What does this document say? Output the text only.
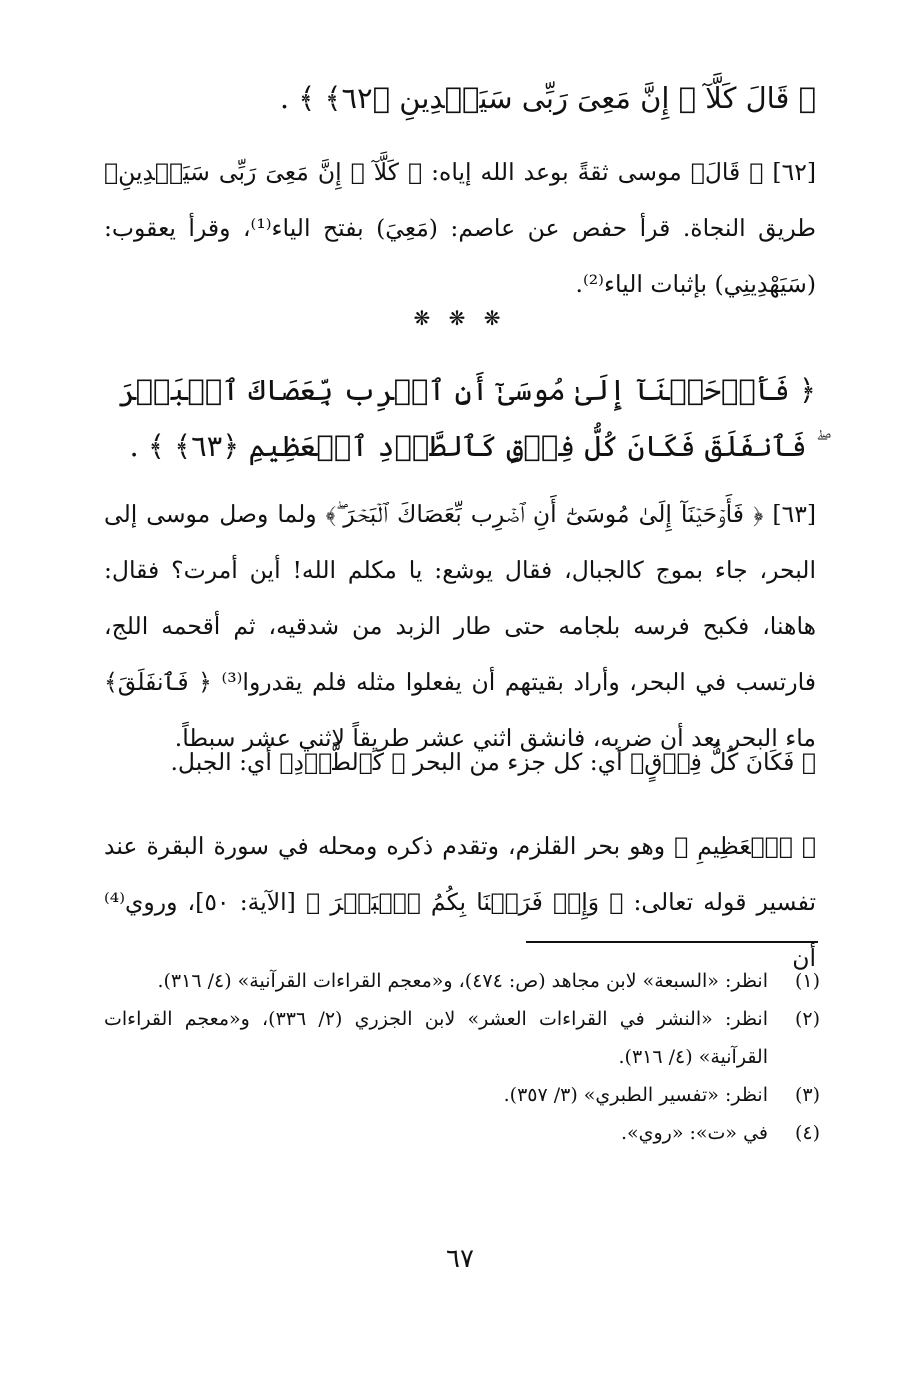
﴿ قَالَ كَلَّآ ۖ إِنَّ مَعِىَ رَبِّى سَيَهۡدِينِ ﴿٦٢﴾ ﴾ .
[٦٢] ﴿ قَالَ﴾ موسى ثقةً بوعد الله إياه: ﴿ كَلَّآ ۖ إِنَّ مَعِىَ رَبِّى سَيَهۡدِينِ﴾ طريق النجاة. قرأ حفص عن عاصم: (مَعِيَ) بفتح الياء⁽¹⁾، وقرأ يعقوب: (سَيَهْدِينِي) بإثبات الياء⁽²⁾.
❋ ❋ ❋
﴿ فَأَوۡحَيۡنَآ إِلَىٰ مُوسَىٰٓ أَنِ ٱضۡرِب بِّعَصَاكَ ٱلۡبَحۡرَ ۖ فَٱنفَلَقَ فَكَانَ كُلُّ فِرۡقٍ كَٱلطَّوۡدِ ٱلۡعَظِيمِ ﴿٦٣﴾ ﴾ .
[٦٣] ﴿ فَأَوۡحَيۡنَآ إِلَىٰ مُوسَىٰٓ أَنِ ٱضۡرِب بِّعَصَاكَ ٱلۡبَحۡرَ ۖ﴾ ولما وصل موسى إلى البحر، جاء بموج كالجبال، فقال يوشع: يا مكلم الله! أين أمرت؟ فقال: هاهنا، فكبح فرسه بلجامه حتى طار الزبد من شدقيه، ثم أقحمه اللج، فارتسب في البحر، وأراد بقيتهم أن يفعلوا مثله فلم يقدروا⁽³⁾ ﴿ فَٱنفَلَقَ﴾ ماء البحر بعد أن ضربه، فانشق اثني عشر طريقاً لاثني عشر سبطاً.
﴿ فَكَانَ كُلُّ فِرۡقٍ﴾ أي: كل جزء من البحر ﴿ كَٱلطَّوۡدِ﴾ أي: الجبل.
﴿ ٱلۡعَظِيمِ ﴾ وهو بحر القلزم، وتقدم ذكره ومحله في سورة البقرة عند تفسير قوله تعالى: ﴿ وَإِذۡ فَرَقۡنَا بِكُمُ ٱلۡبَحۡرَ ﴾ [الآية: ٥٠]، وروي⁽⁴⁾ أن
(١)
انظر: «السبعة» لابن مجاهد (ص: ٤٧٤)، و«معجم القراءات القرآنية» (٤/ ٣١٦).
(٢)
انظر: «النشر في القراءات العشر» لابن الجزري (٢/ ٣٣٦)، و«معجم القراءات القرآنية» (٤/ ٣١٦).
(٣)
انظر: «تفسير الطبري» (٣/ ٣٥٧).
(٤)
في «ت»: «روي».
٦٧
